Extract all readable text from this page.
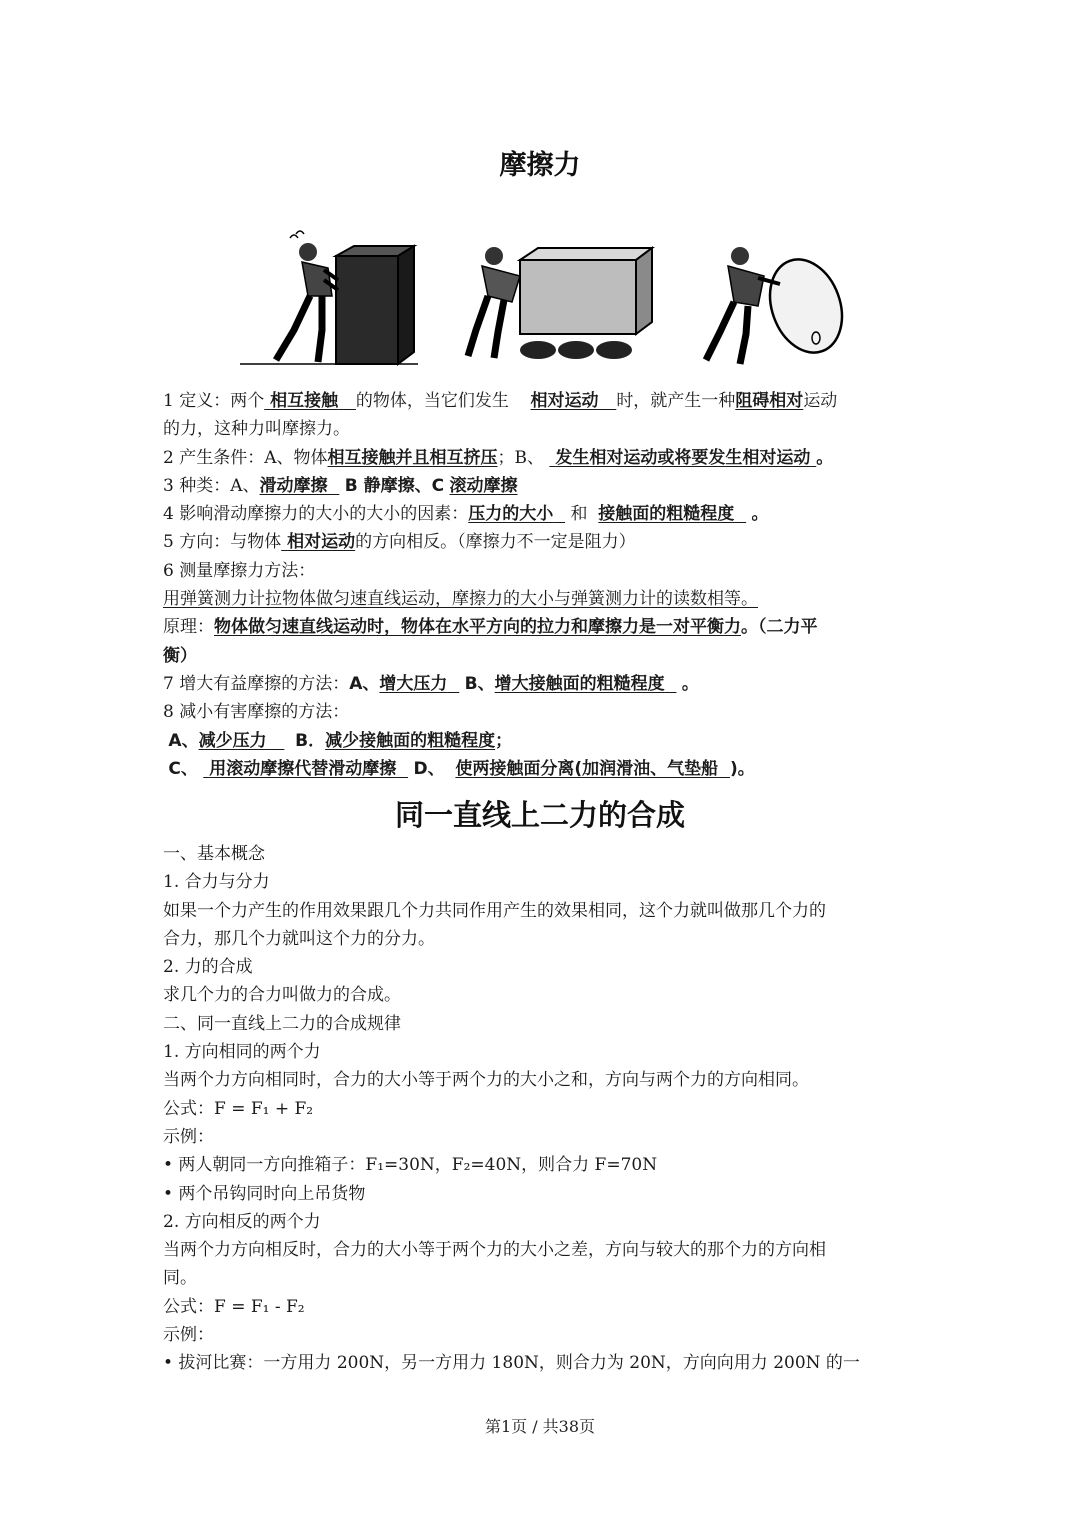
摩擦力
1 定义：两个 相互接触 的物体，当它们发生 相对运动 时，就产生一种阻碍相对运动
的力，这种力叫摩擦力。
2 产生条件：A、物体相互接触并且相互挤压；B、 发生相对运动或将要发生相对运动 。
3 种类：A、滑动摩擦 B 静摩擦、C 滚动摩擦
4 影响滑动摩擦力的大小的大小的因素：压力的大小 和 接触面的粗糙程度 。
5 方向：与物体 相对运动的方向相反。（摩擦力不一定是阻力）
6 测量摩擦力方法：
用弹簧测力计拉物体做匀速直线运动，摩擦力的大小与弹簧测力计的读数相等。
原理：物体做匀速直线运动时，物体在水平方向的拉力和摩擦力是一对平衡力。（二力平
衡）
7 增大有益摩擦的方法：A、增大压力 B、增大接触面的粗糙程度 。
8 减小有害摩擦的方法：
A、减少压力 B．减少接触面的粗糙程度；
C、 用滚动摩擦代替滑动摩擦 D、 使两接触面分离(加润滑油、气垫船 )。
同一直线上二力的合成
一、基本概念
1. 合力与分力
如果一个力产生的作用效果跟几个力共同作用产生的效果相同，这个力就叫做那几个力的
合力，那几个力就叫这个力的分力。
2. 力的合成
求几个力的合力叫做力的合成。
二、同一直线上二力的合成规律
1. 方向相同的两个力
当两个力方向相同时，合力的大小等于两个力的大小之和，方向与两个力的方向相同。
公式：F = F₁ + F₂
示例：
• 两人朝同一方向推箱子：F₁=30N，F₂=40N，则合力 F=70N
• 两个吊钩同时向上吊货物
2. 方向相反的两个力
当两个力方向相反时，合力的大小等于两个力的大小之差，方向与较大的那个力的方向相
同。
公式：F = F₁ - F₂
示例：
• 拔河比赛：一方用力 200N，另一方用力 180N，则合力为 20N，方向向用力 200N 的一
第1页 / 共38页
